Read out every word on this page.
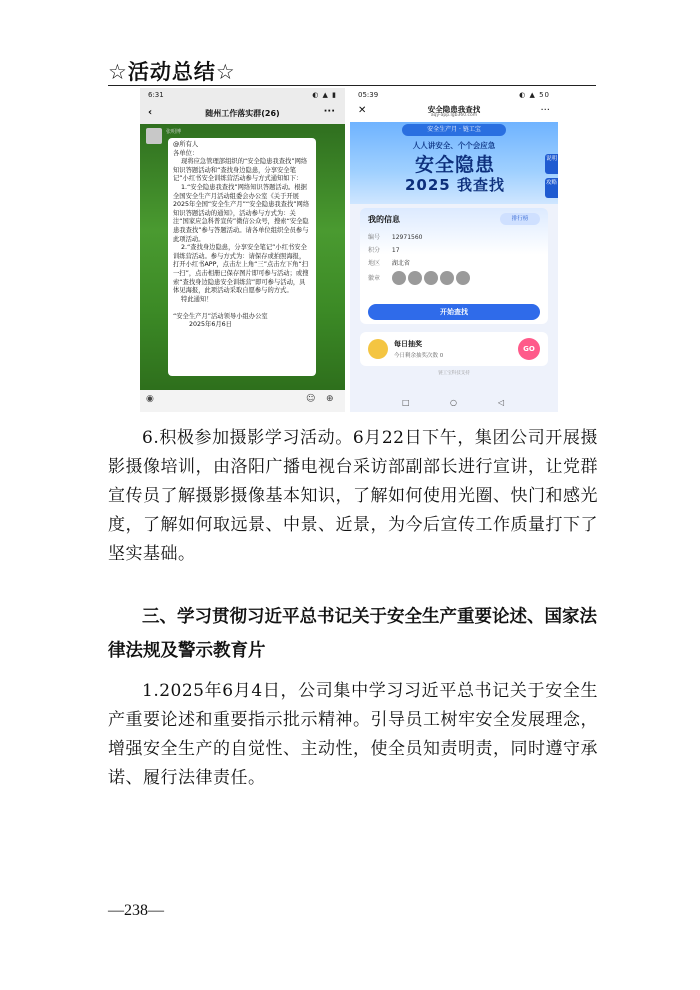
☆活动总结☆
6:31	◐ ▲ ▮
‹	随州工作落实群(26)	···
张明博
@所有人
各单位：
现将应急管理部组织的“安全隐患我查找”网络知识答题活动和“查找身边隐患，分享安全笔记”小红书安全训练营活动参与方式通知如下：
1.“安全隐患我查找”网络知识答题活动。根据全国安全生产月活动组委会办公室《关于开展2025年全国“安全生产月”“安全隐患我查找”网络知识答题活动的通知》，活动参与方式为：关注“国家应急科普宣传”微信公众号，搜索“安全隐患我查找”参与答题活动。请各单位组织全员参与此项活动。
2.“查找身边隐患，分享安全笔记”小红书安全训练营活动。参与方式为：请保存或拍照海报，打开小红书APP，点击左上角“三”点击左下角“扫一扫”，点击相册已保存图片即可参与活动；或搜索“查找身边隐患安全训练营”即可参与活动，具体见海报，此项活动采取自愿参与的方式。
特此通知！

“安全生产月”活动领导小组办公室
2025年6月6日
◉	☺ ⊕
05:39	◐ ▲ 50
✕	安全隐患我查找
aqy-app.lgb360.com	···
安全生产月 · 链工宝
人人讲安全、个个会应急
安全隐患
2025 我查找
说明
攻略
我的信息	排行榜
编号 12971560
积分 17
地区 湖北省
徽章
开始查找
每日抽奖
今日剩余抽奖次数 0
GO
链工宝科技支持
□	○	◁
6.积极参加摄影学习活动。6月22日下午，集团公司开展摄影摄像培训，由洛阳广播电视台采访部副部长进行宣讲，让党群宣传员了解摄影摄像基本知识，了解如何使用光圈、快门和感光度，了解如何取远景、中景、近景，为今后宣传工作质量打下了坚实基础。
三、学习贯彻习近平总书记关于安全生产重要论述、国家法律法规及警示教育片
1.2025年6月4日，公司集中学习习近平总书记关于安全生产重要论述和重要指示批示精神。引导员工树牢安全发展理念，增强安全生产的自觉性、主动性，使全员知责明责，同时遵守承诺、履行法律责任。
—238—
